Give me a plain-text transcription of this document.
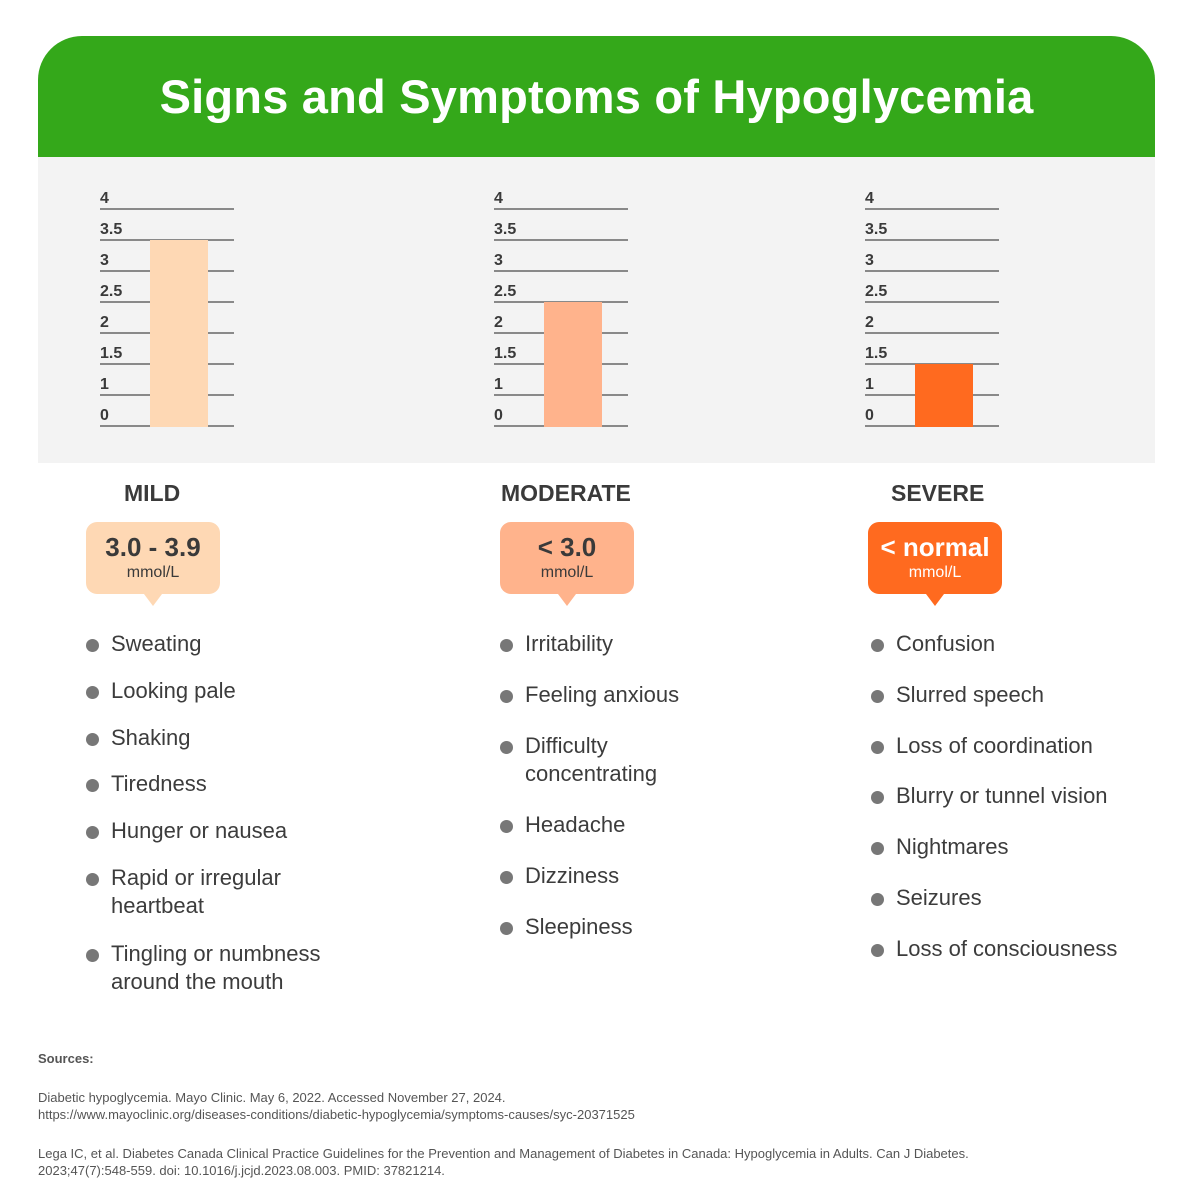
Signs and Symptoms of Hypoglycemia
4
3.5
3
2.5
2
1.5
1
0
4
3.5
3
2.5
2
1.5
1
0
4
3.5
3
2.5
2
1.5
1
0
MILD
3.0 - 3.9
mmol/L
Sweating
Looking pale
Shaking
Tiredness
Hunger or nausea
Rapid or irregular
heartbeat
Tingling or numbness
around the mouth
MODERATE
< 3.0
mmol/L
Irritability
Feeling anxious
Difficulty
concentrating
Headache
Dizziness
Sleepiness
SEVERE
< normal
mmol/L
Confusion
Slurred speech
Loss of coordination
Blurry or tunnel vision
Nightmares
Seizures
Loss of consciousness
Sources:

Diabetic hypoglycemia. Mayo Clinic. May 6, 2022. Accessed November 27, 2024.
https://www.mayoclinic.org/diseases-conditions/diabetic-hypoglycemia/symptoms-causes/syc-20371525

Lega IC, et al. Diabetes Canada Clinical Practice Guidelines for the Prevention and Management of Diabetes in Canada: Hypoglycemia in Adults. Can J Diabetes.
2023;47(7):548-559. doi: 10.1016/j.jcjd.2023.08.003. PMID: 37821214.
